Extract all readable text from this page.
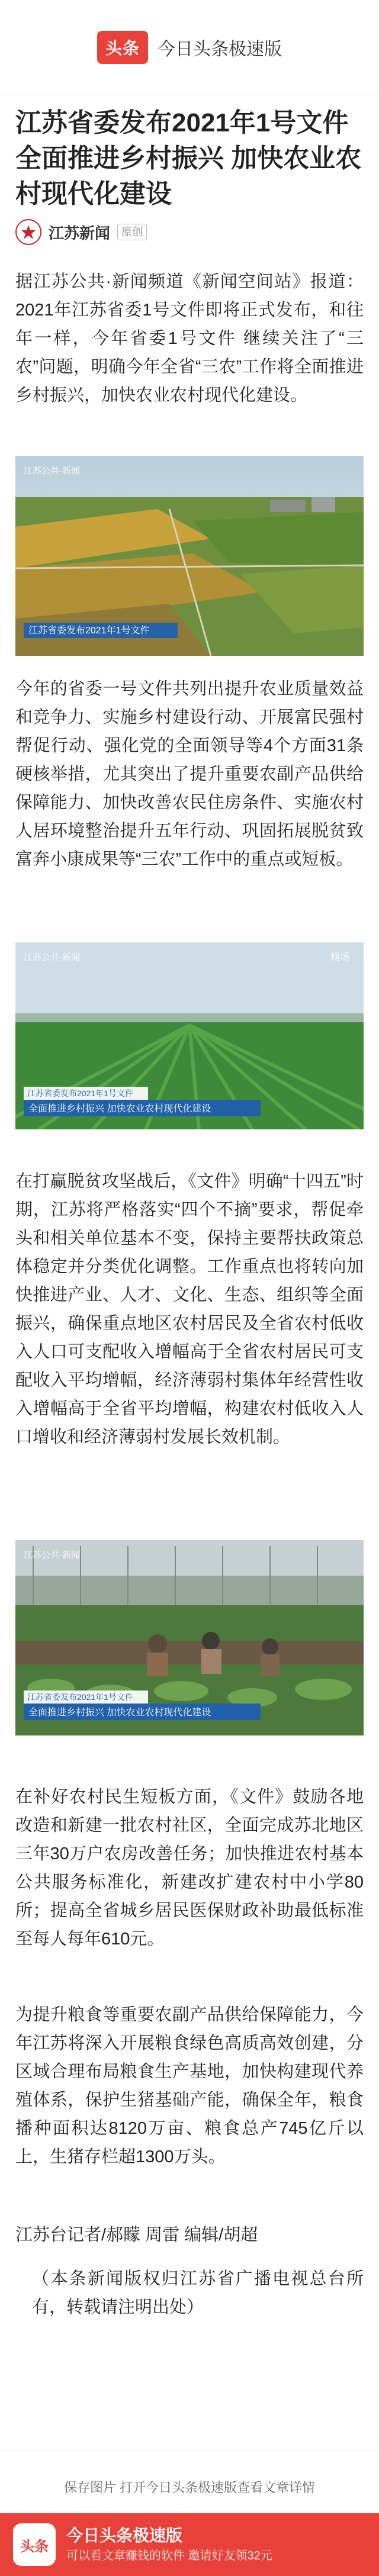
头条	今日头条极速版
江苏省委发布2021年1号文件 全面推进乡村振兴 加快农业农村现代化建设
江苏新闻	原创
据江苏公共·新闻频道《新闻空间站》报道：2021年江苏省委1号文件即将正式发布，和往年一样，今年省委1号文件 继续关注了“三农”问题，明确今年全省“三农”工作将全面推进乡村振兴，加快农业农村现代化建设。
江苏公共·新闻
江苏省委发布2021年1号文件
今年的省委一号文件共列出提升农业质量效益和竞争力、实施乡村建设行动、开展富民强村帮促行动、强化党的全面领导等4个方面31条硬核举措，尤其突出了提升重要农副产品供给保障能力、加快改善农民住房条件、实施农村人居环境整治提升五年行动、巩固拓展脱贫致富奔小康成果等“三农”工作中的重点或短板。
江苏公共·新闻	现场
江苏省委发布2021年1号文件
全面推进乡村振兴 加快农业农村现代化建设
在打赢脱贫攻坚战后，《文件》明确“十四五”时期，江苏将严格落实“四个不摘”要求，帮促牵头和相关单位基本不变，保持主要帮扶政策总体稳定并分类优化调整。工作重点也将转向加快推进产业、人才、文化、生态、组织等全面振兴，确保重点地区农村居民及全省农村低收入人口可支配收入增幅高于全省农村居民可支配收入平均增幅，经济薄弱村集体年经营性收入增幅高于全省平均增幅，构建农村低收入人口增收和经济薄弱村发展长效机制。
江苏公共·新闻
江苏省委发布2021年1号文件
全面推进乡村振兴 加快农业农村现代化建设
在补好农村民生短板方面，《文件》鼓励各地改造和新建一批农村社区，全面完成苏北地区三年30万户农房改善任务；加快推进农村基本公共服务标准化，新建改扩建农村中小学80所；提高全省城乡居民医保财政补助最低标准至每人每年610元。
为提升粮食等重要农副产品供给保障能力，今年江苏将深入开展粮食绿色高质高效创建，分区域合理布局粮食生产基地，加快构建现代养殖体系，保护生猪基础产能，确保全年，粮食播种面积达8120万亩、粮食总产745亿斤以上，生猪存栏超1300万头。
江苏台记者/郝矇 周雷 编辑/胡超
（本条新闻版权归江苏省广播电视总台所有，转载请注明出处）
保存图片 打开今日头条极速版查看文章详情
头条
今日头条极速版
可以看文章赚钱的软件 邀请好友领32元
